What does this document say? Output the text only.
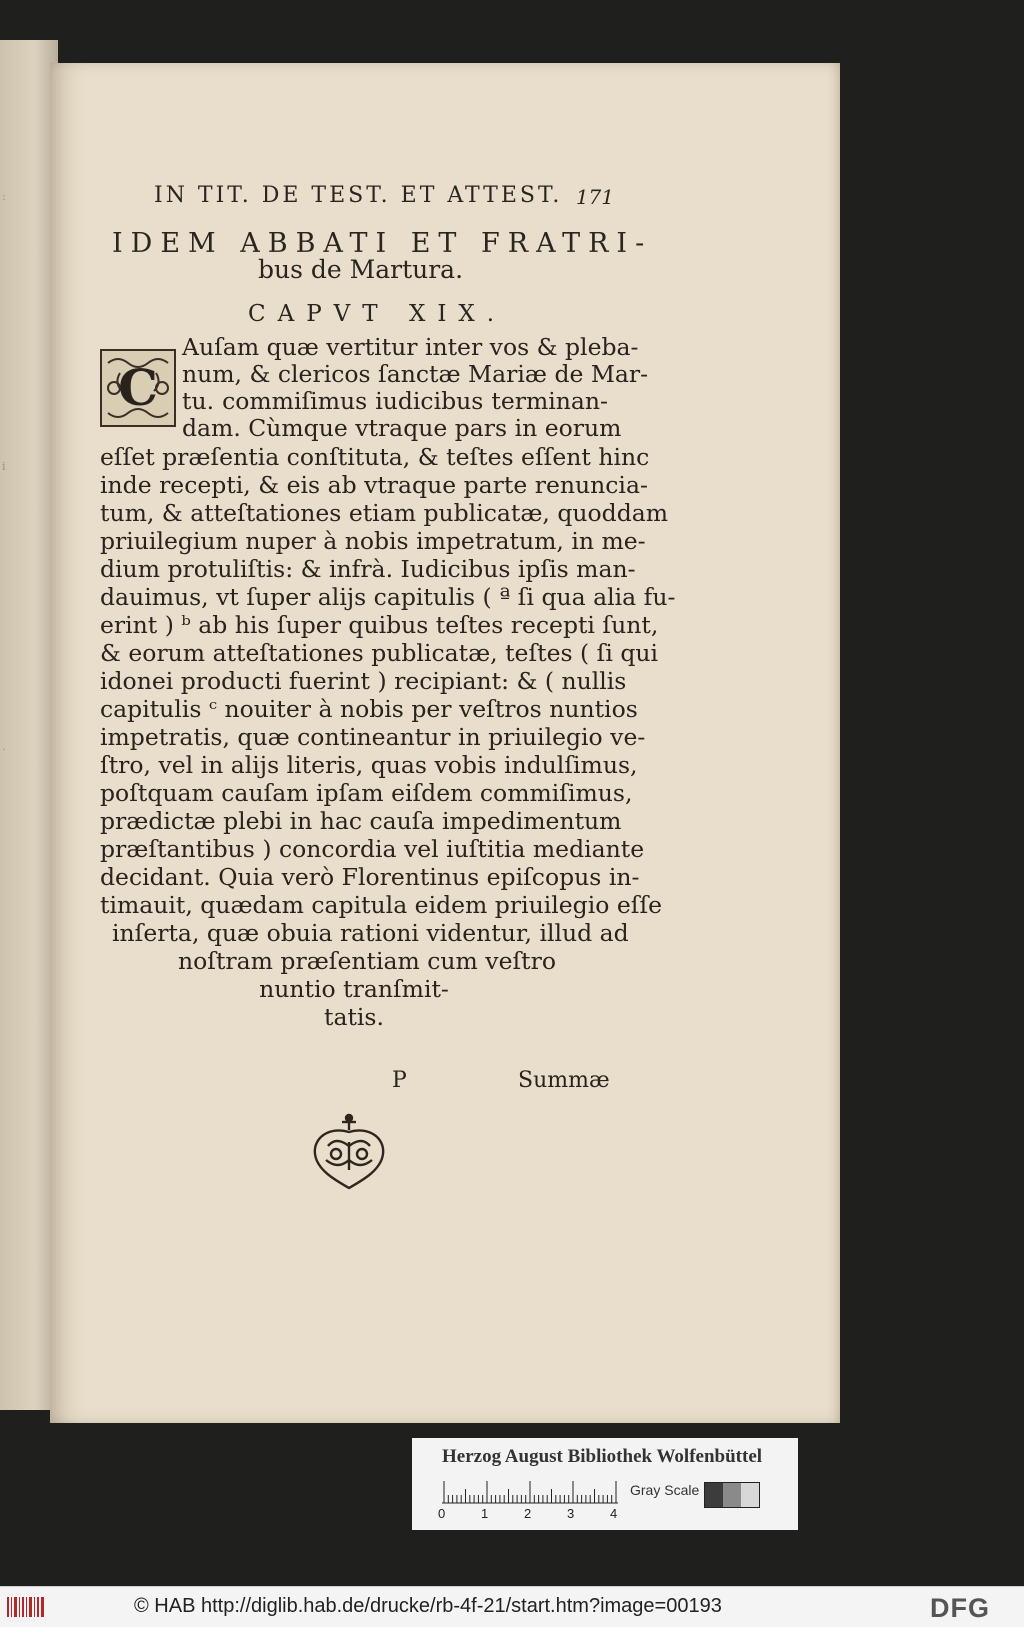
:
i
.
IN TIT. DE TEST. ET ATTEST. 171
IDEM ABBATI ET FRATRI-
bus de Martura.
CAPVT XIX.
C
Auſam quæ vertitur inter vos & pleba-
num, & clericos ſanctæ Mariæ de Mar-
tu. commiſimus iudicibus terminan-
dam. Cùmque vtraque pars in eorum
eſſet præſentia conſtituta, & teſtes eſſent hinc
inde recepti, & eis ab vtraque parte renuncia-
tum, & atteſtationes etiam publicatæ, quoddam
priuilegium nuper à nobis impetratum, in me-
dium protuliſtis: & infrà. Iudicibus ipſis man-
dauimus, vt ſuper alijs capitulis ( ª ſi qua alia fu-
erint ) ᵇ ab his ſuper quibus teſtes recepti ſunt,
& eorum atteſtationes publicatæ, teſtes ( ſi qui
idonei producti fuerint ) recipiant: & ( nullis
capitulis ᶜ nouiter à nobis per veſtros nuntios
impetratis, quæ contineantur in priuilegio ve-
ſtro, vel in alijs literis, quas vobis indulſimus,
poſtquam cauſam ipſam eiſdem commiſimus,
prædictæ plebi in hac cauſa impedimentum
præſtantibus ) concordia vel iuſtitia mediante
decidant. Quia verò Florentinus epiſcopus in-
timauit, quædam capitula eidem priuilegio eſſe
inſerta, quæ obuia rationi videntur, illud ad
noſtram præſentiam cum veſtro
nuntio tranſmit-
tatis.
P	Summæ
Herzog August Bibliothek Wolfenbüttel
0	1	2	3	4
Gray Scale
© HAB http://diglib.hab.de/drucke/rb-4f-21/start.htm?image=00193	DFG
